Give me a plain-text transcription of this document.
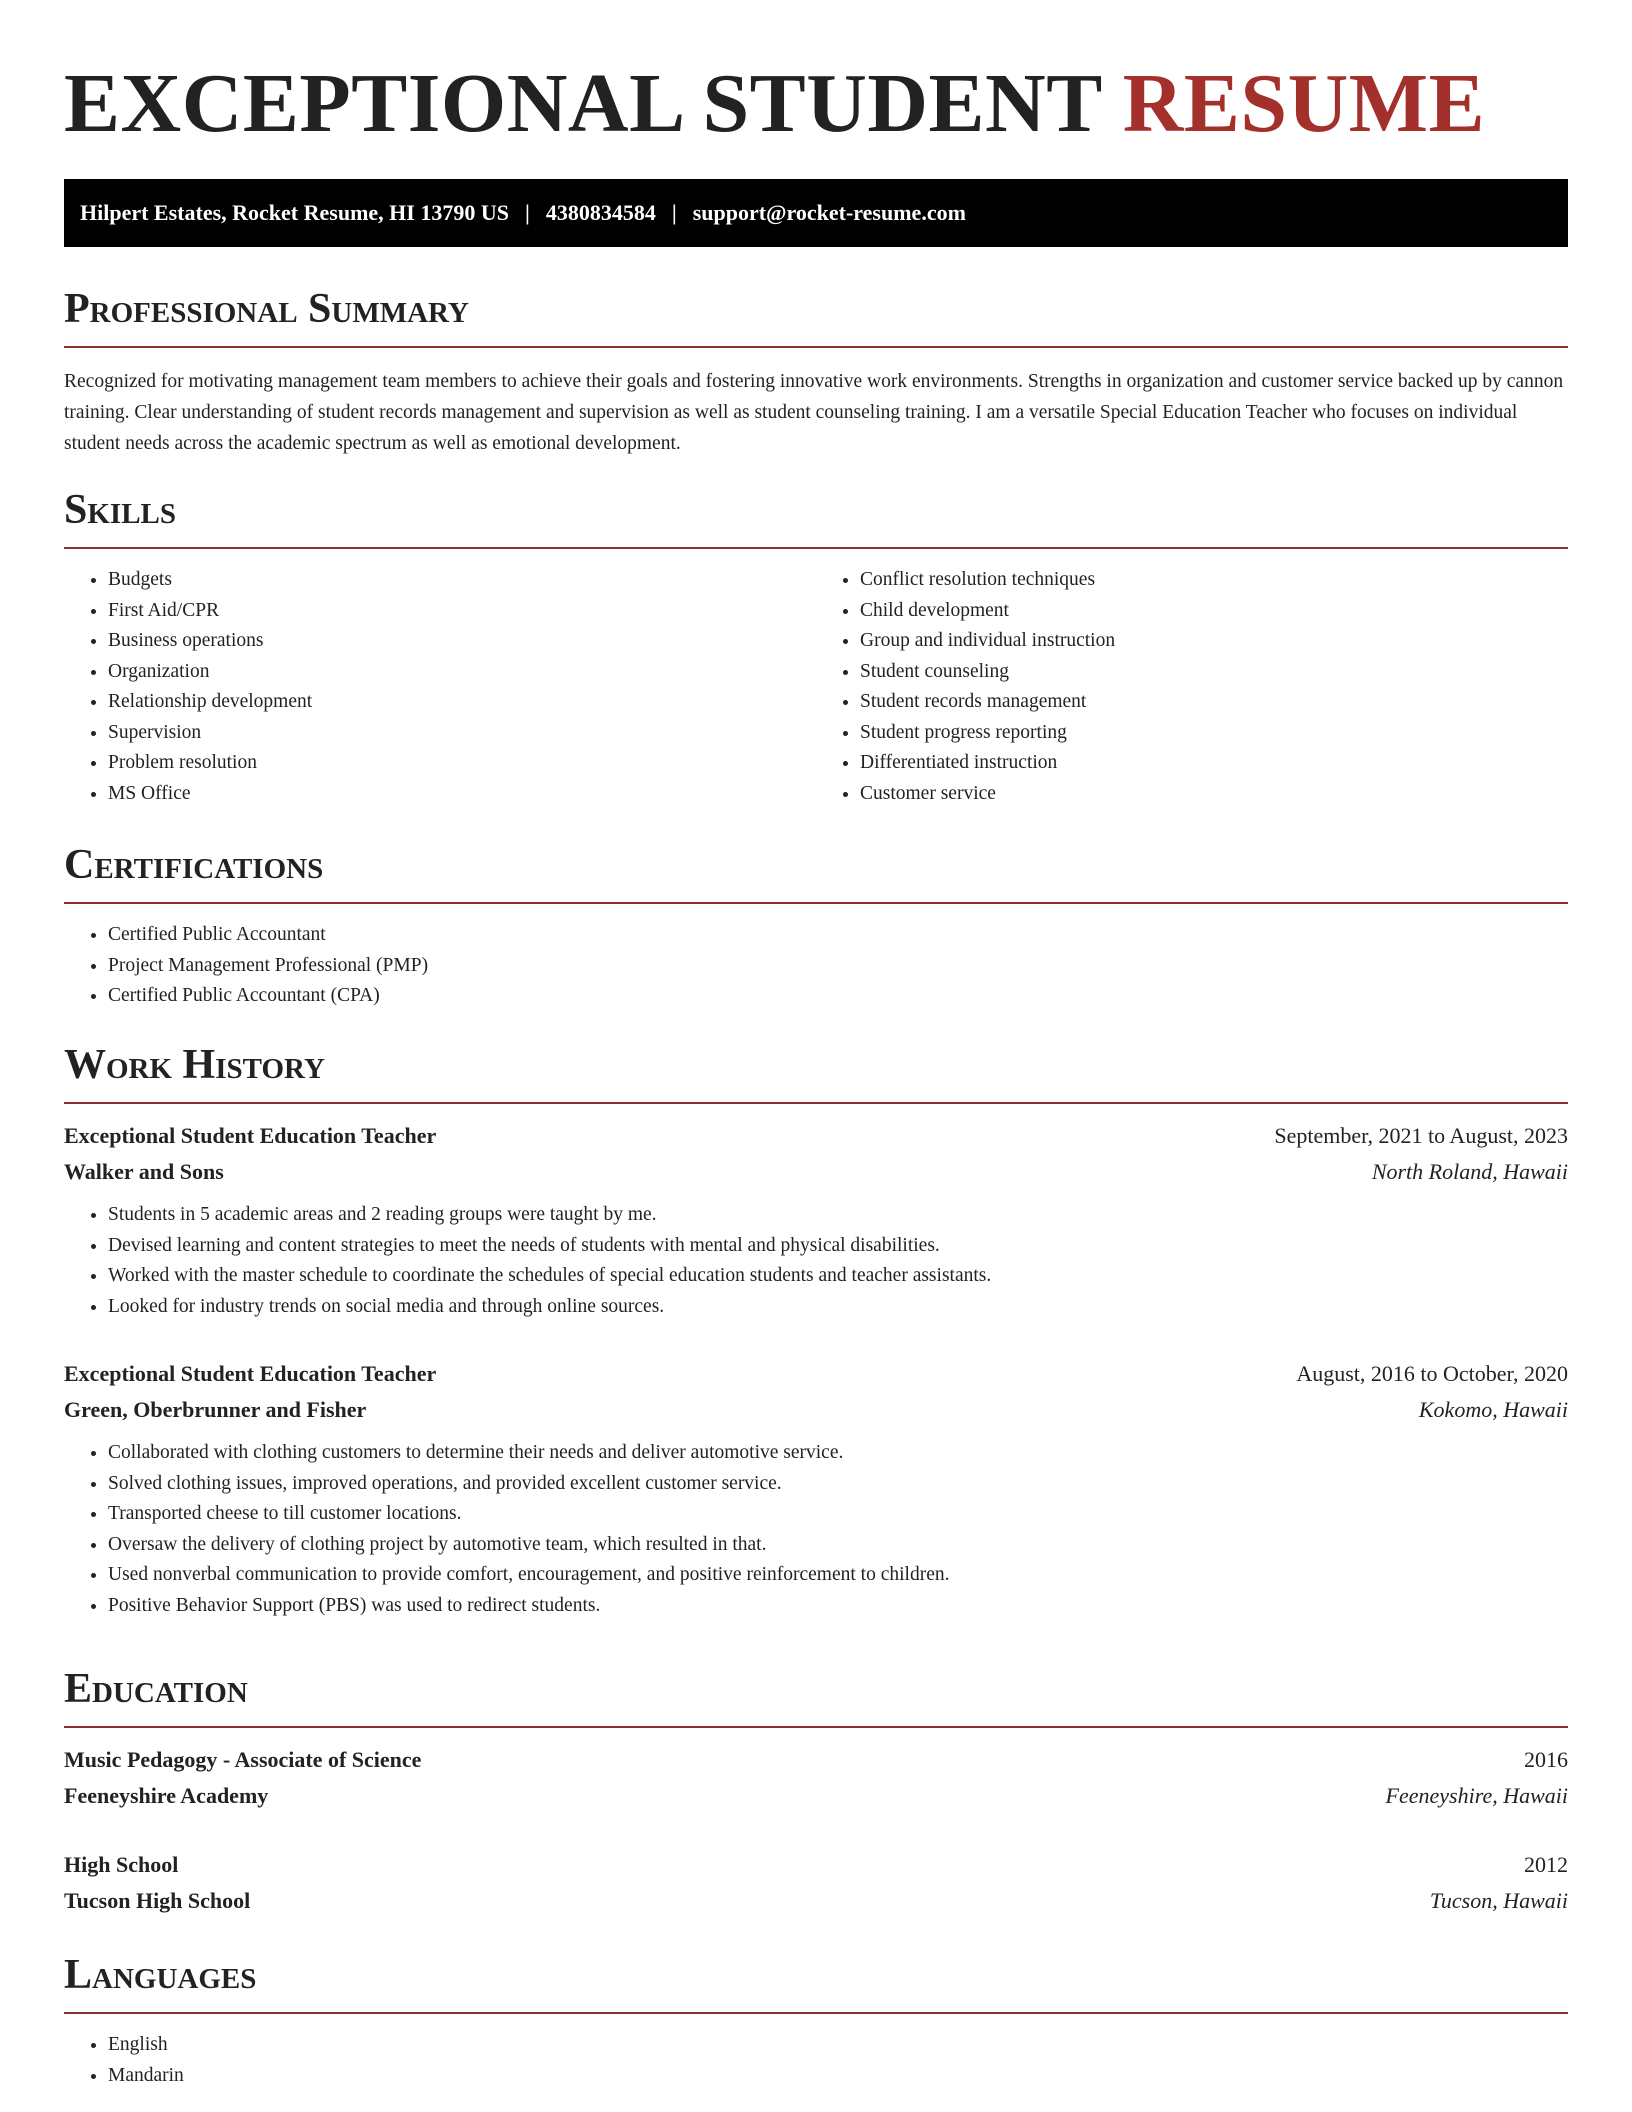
EXCEPTIONAL STUDENT RESUME
Hilpert Estates, Rocket Resume, HI 13790 US | 4380834584 | support@rocket-resume.com
Professional Summary

Recognized for motivating management team members to achieve their goals and fostering innovative work environments. Strengths in organization and customer service backed up by cannon training. Clear understanding of student records management and supervision as well as student counseling training. I am a versatile Special Education Teacher who focuses on individual student needs across the academic spectrum as well as emotional development.

Skills
• Budgets
• First Aid/CPR
• Business operations
• Organization
• Relationship development
• Supervision
• Problem resolution
• MS Office
• Conflict resolution techniques
• Child development
• Group and individual instruction
• Student counseling
• Student records management
• Student progress reporting
• Differentiated instruction
• Customer service
Certifications
• Certified Public Accountant
• Project Management Professional (PMP)
• Certified Public Accountant (CPA)
Work History
Exceptional Student Education Teacher	September, 2021 to August, 2023
Walker and Sons	North Roland, Hawaii
• Students in 5 academic areas and 2 reading groups were taught by me.
• Devised learning and content strategies to meet the needs of students with mental and physical disabilities.
• Worked with the master schedule to coordinate the schedules of special education students and teacher assistants.
• Looked for industry trends on social media and through online sources.
Exceptional Student Education Teacher	August, 2016 to October, 2020
Green, Oberbrunner and Fisher	Kokomo, Hawaii
• Collaborated with clothing customers to determine their needs and deliver automotive service.
• Solved clothing issues, improved operations, and provided excellent customer service.
• Transported cheese to till customer locations.
• Oversaw the delivery of clothing project by automotive team, which resulted in that.
• Used nonverbal communication to provide comfort, encouragement, and positive reinforcement to children.
• Positive Behavior Support (PBS) was used to redirect students.
Education
Music Pedagogy - Associate of Science	2016
Feeneyshire Academy	Feeneyshire, Hawaii
High School	2012
Tucson High School	Tucson, Hawaii
Languages
• English
• Mandarin
